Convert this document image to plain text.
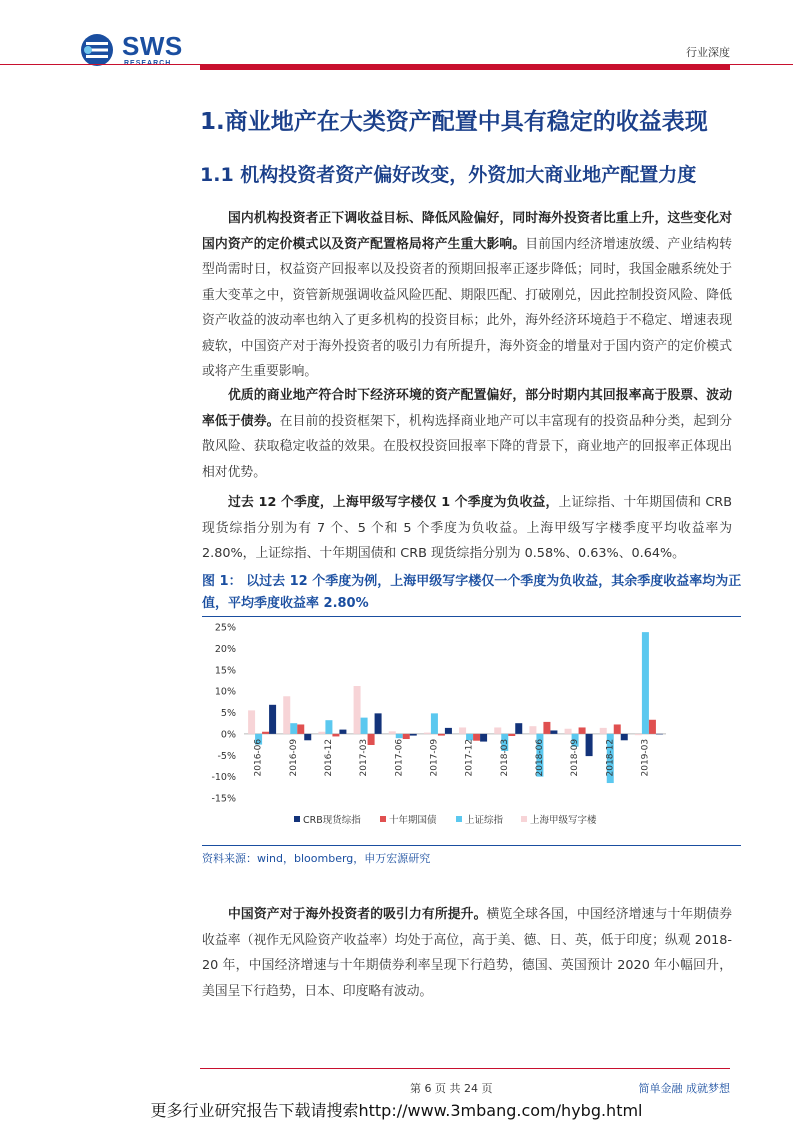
SWS	行业深度
1.商业地产在大类资产配置中具有稳定的收益表现
1.1 机构投资者资产偏好改变，外资加大商业地产配置力度
国内机构投资者正下调收益目标、降低风险偏好，同时海外投资者比重上升，这些变化对国内资产的定价模式以及资产配置格局将产生重大影响。目前国内经济增速放缓、产业结构转型尚需时日，权益资产回报率以及投资者的预期回报率正逐步降低；同时，我国金融系统处于重大变革之中，资管新规强调收益风险匹配、期限匹配、打破刚兑，因此控制投资风险、降低资产收益的波动率也纳入了更多机构的投资目标；此外，海外经济环境趋于不稳定、增速表现疲软，中国资产对于海外投资者的吸引力有所提升，海外资金的增量对于国内资产的定价模式或将产生重要影响。
优质的商业地产符合时下经济环境的资产配置偏好，部分时期内其回报率高于股票、波动率低于债券。在目前的投资框架下，机构选择商业地产可以丰富现有的投资品种分类，起到分散风险、获取稳定收益的效果。在股权投资回报率下降的背景下，商业地产的回报率正体现出相对优势。
过去 12 个季度，上海甲级写字楼仅 1 个季度为负收益，上证综指、十年期国债和 CRB 现货综指分别为有 7 个、5 个和 5 个季度为负收益。上海甲级写字楼季度平均收益率为 2.80%，上证综指、十年期国债和 CRB 现货综指分别为 0.58%、0.63%、0.64%。
图 1： 以过去 12 个季度为例，上海甲级写字楼仅一个季度为负收益，其余季度收益率均为正值，平均季度收益率 2.80%
25%
20%
15%
10%
5%
0%
-5%
-10%
-15%
2016-06	2016-09	2016-12	2017-03	2017-06	2017-09	2017-12	2018-03	2018-06	2018-09	2018-12	2019-03
CRB现货综指	十年期国债	上证综指	上海甲级写字楼
资料来源：wind，bloomberg，申万宏源研究
中国资产对于海外投资者的吸引力有所提升。横览全球各国，中国经济增速与十年期债券收益率（视作无风险资产收益率）均处于高位，高于美、德、日、英，低于印度；纵观 2018-20 年，中国经济增速与十年期债券利率呈现下行趋势，德国、英国预计 2020 年小幅回升，美国呈下行趋势，日本、印度略有波动。
第 6 页 共 24 页	简单金融 成就梦想
更多行业研究报告下载请搜索http://www.3mbang.com/hybg.html
